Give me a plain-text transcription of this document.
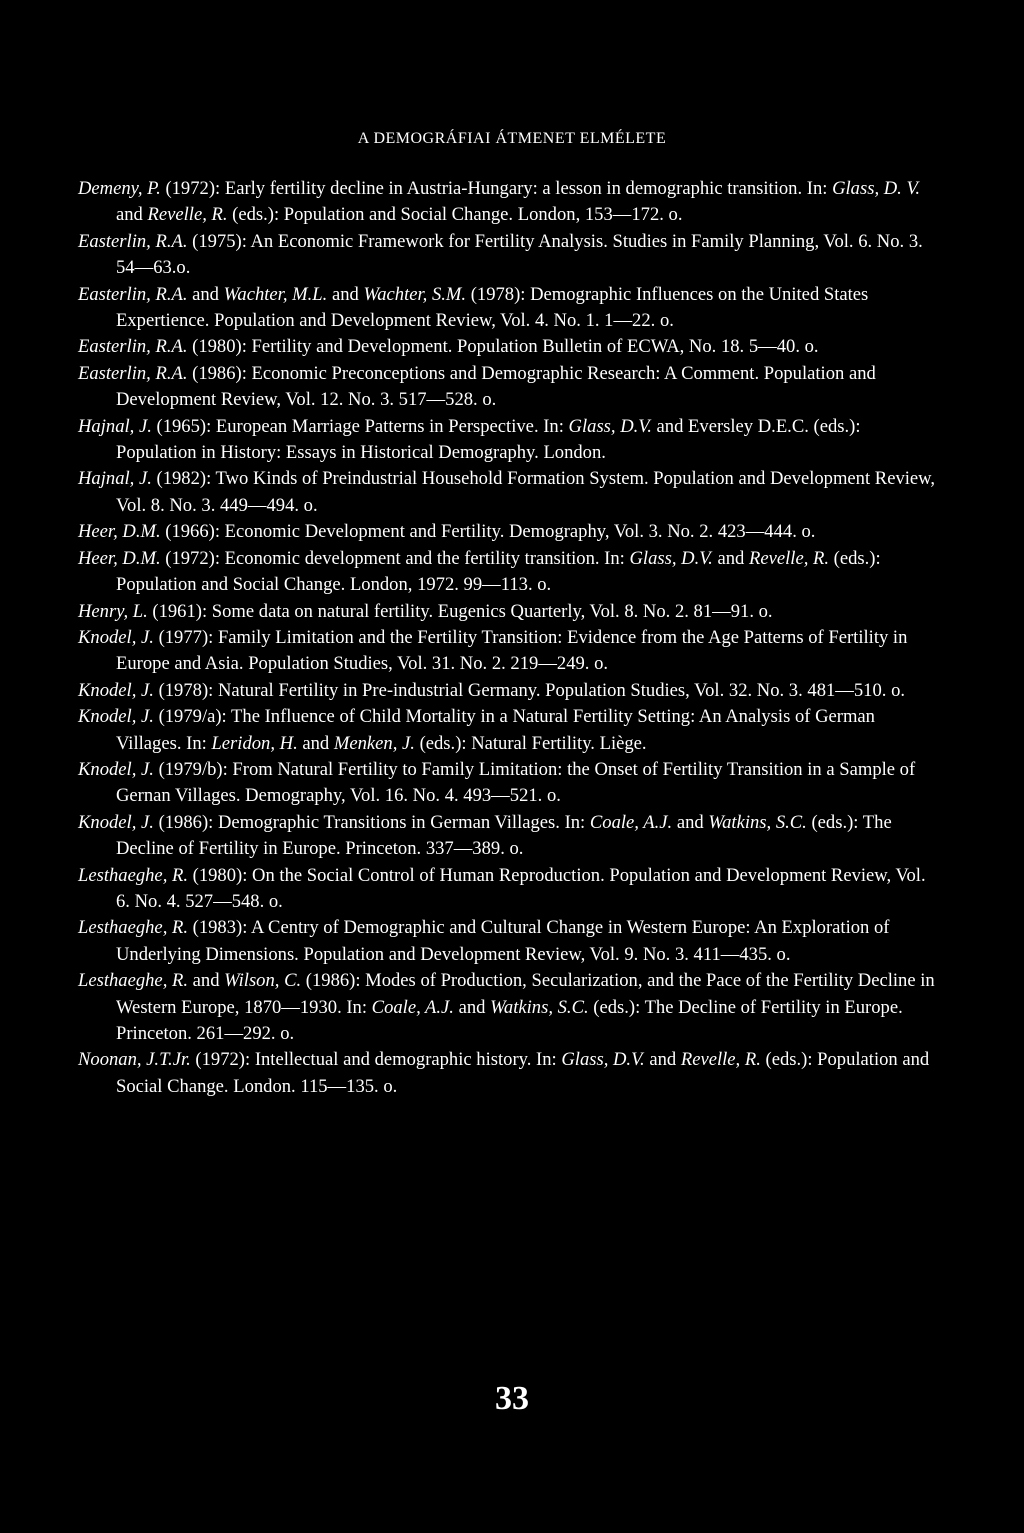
A DEMOGRÁFIAI ÁTMENET ELMÉLETE

Demeny, P. (1972): Early fertility decline in Austria-Hungary: a lesson in demographic transition. In: Glass, D. V. and Revelle, R. (eds.): Population and Social Change. London, 153—172. o.

Easterlin, R.A. (1975): An Economic Framework for Fertility Analysis. Studies in Family Planning, Vol. 6. No. 3. 54—63.o.

Easterlin, R.A. and Wachter, M.L. and Wachter, S.M. (1978): Demographic Influences on the United States Expertience. Population and Development Review, Vol. 4. No. 1. 1—22. o.

Easterlin, R.A. (1980): Fertility and Development. Population Bulletin of ECWA, No. 18. 5—40. o.

Easterlin, R.A. (1986): Economic Preconceptions and Demographic Research: A Comment. Population and Development Review, Vol. 12. No. 3. 517—528. o.

Hajnal, J. (1965): European Marriage Patterns in Perspective. In: Glass, D.V. and Eversley D.E.C. (eds.): Population in History: Essays in Historical Demography. London.

Hajnal, J. (1982): Two Kinds of Preindustrial Household Formation System. Population and Development Review, Vol. 8. No. 3. 449—494. o.

Heer, D.M. (1966): Economic Development and Fertility. Demography, Vol. 3. No. 2. 423—444. o.

Heer, D.M. (1972): Economic development and the fertility transition. In: Glass, D.V. and Revelle, R. (eds.): Population and Social Change. London, 1972. 99—113. o.

Henry, L. (1961): Some data on natural fertility. Eugenics Quarterly, Vol. 8. No. 2. 81—91. o.

Knodel, J. (1977): Family Limitation and the Fertility Transition: Evidence from the Age Patterns of Fertility in Europe and Asia. Population Studies, Vol. 31. No. 2. 219—249. o.

Knodel, J. (1978): Natural Fertility in Pre-industrial Germany. Population Studies, Vol. 32. No. 3. 481—510. o.

Knodel, J. (1979/a): The Influence of Child Mortality in a Natural Fertility Setting: An Analysis of German Villages. In: Leridon, H. and Menken, J. (eds.): Natural Fertility. Liège.

Knodel, J. (1979/b): From Natural Fertility to Family Limitation: the Onset of Fertility Transition in a Sample of Gernan Villages. Demography, Vol. 16. No. 4. 493—521. o.

Knodel, J. (1986): Demographic Transitions in German Villages. In: Coale, A.J. and Watkins, S.C. (eds.): The Decline of Fertility in Europe. Princeton. 337—389. o.

Lesthaeghe, R. (1980): On the Social Control of Human Reproduction. Population and Development Review, Vol. 6. No. 4. 527—548. o.

Lesthaeghe, R. (1983): A Centry of Demographic and Cultural Change in Western Europe: An Exploration of Underlying Dimensions. Population and Development Review, Vol. 9. No. 3. 411—435. o.

Lesthaeghe, R. and Wilson, C. (1986): Modes of Production, Secularization, and the Pace of the Fertility Decline in Western Europe, 1870—1930. In: Coale, A.J. and Watkins, S.C. (eds.): The Decline of Fertility in Europe. Princeton. 261—292. o.

Noonan, J.T.Jr. (1972): Intellectual and demographic history. In: Glass, D.V. and Revelle, R. (eds.): Population and Social Change. London. 115—135. o.

33
